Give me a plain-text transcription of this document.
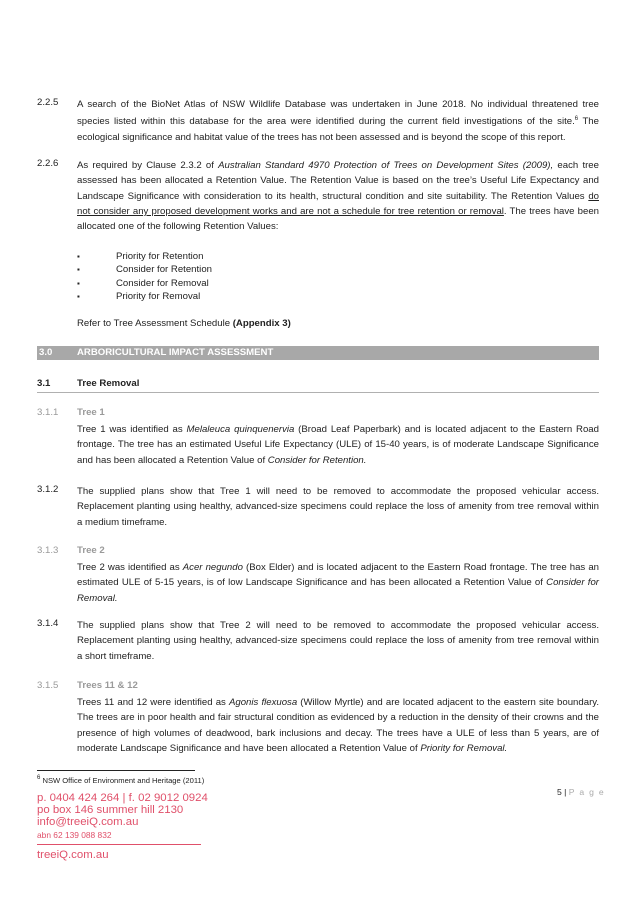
2.2.5 A search of the BioNet Atlas of NSW Wildlife Database was undertaken in June 2018. No individual threatened tree species listed within this database for the area were identified during the current field investigations of the site.$^6$ The ecological significance and habitat value of the trees has not been assessed and is beyond the scope of this report.
2.2.6 As required by Clause 2.3.2 of Australian Standard 4970 Protection of Trees on Development Sites (2009), each tree assessed has been allocated a Retention Value. The Retention Value is based on the tree’s Useful Life Expectancy and Landscape Significance with consideration to its health, structural condition and site suitability. The Retention Values do not consider any proposed development works and are not a schedule for tree retention or removal. The trees have been allocated one of the following Retention Values:
▪	Priority for Retention
▪	Consider for Retention
▪	Consider for Removal
▪	Priority for Removal
Refer to Tree Assessment Schedule (Appendix 3)
3.0	ARBORICULTURAL IMPACT ASSESSMENT
3.1	Tree Removal
3.1.1 Tree 1
Tree 1 was identified as Melaleuca quinquenervia (Broad Leaf Paperbark) and is located adjacent to the Eastern Road frontage. The tree has an estimated Useful Life Expectancy (ULE) of 15-40 years, is of moderate Landscape Significance and has been allocated a Retention Value of Consider for Retention.
3.1.2 The supplied plans show that Tree 1 will need to be removed to accommodate the proposed vehicular access. Replacement planting using healthy, advanced-size specimens could replace the loss of amenity from tree removal within a medium timeframe.
3.1.3 Tree 2
Tree 2 was identified as Acer negundo (Box Elder) and is located adjacent to the Eastern Road frontage. The tree has an estimated ULE of 5-15 years, is of low Landscape Significance and has been allocated a Retention Value of Consider for Removal.
3.1.4 The supplied plans show that Tree 2 will need to be removed to accommodate the proposed vehicular access. Replacement planting using healthy, advanced-size specimens could replace the loss of amenity from tree removal within a short timeframe.
3.1.5 Trees 11 & 12
Trees 11 and 12 were identified as Agonis flexuosa (Willow Myrtle) and are located adjacent to the eastern site boundary. The trees are in poor health and fair structural condition as evidenced by a reduction in the density of their crowns and the presence of high volumes of deadwood, bark inclusions and decay. The trees have a ULE of less than 5 years, are of moderate Landscape Significance and have been allocated a Retention Value of Priority for Removal.
$^6$ NSW Office of Environment and Heritage (2011)
5 | P a g e
p. 0404 424 264 | f. 02 9012 0924
po box 146 summer hill 2130
info@treeiQ.com.au
abn 62 139 088 832
treeiQ.com.au
